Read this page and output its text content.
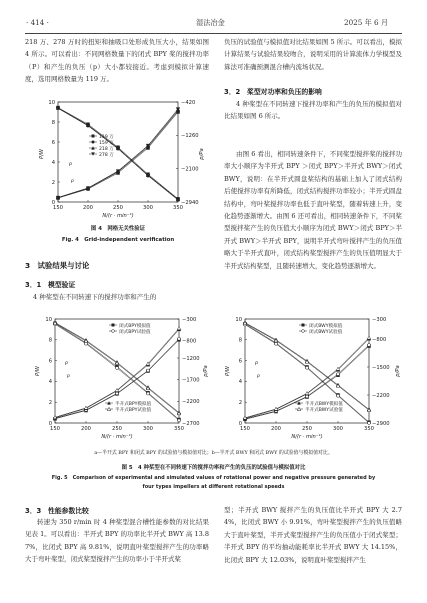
· 414 ·	湿法冶金	2025 年 6 月

218 万、278 万时的扭矩和抽吸口处形成负压大小，结果如图 4 所示。可以看出：不同网格数量下的闭式 BPY 桨的搅拌功率（P）和产生的负压（p）大小都较接近。考虑到模拟计算速度，选用网格数量为 119 万。

150	200	250	300	350
0
2
4
6
8
10
−2940
−2100
−1260
−420
119 万
159 万
218 万
278 万
P
p
P/W	p/Pa
N/(r · min⁻¹)
图 4　网格无关性验证
Fig. 4　Grid-independent verification
3　试验结果与讨论
3．1　模型验证

4 种桨型在不同转速下的搅拌功率和产生的

负压的试验值与模拟值对比结果如图 5 所示。可以看出，模拟计算结果与试验结果较吻合，说明采用的计算流体力学模型及算法可准确预测混合槽内流场状况。

3．2　桨型对功率和负压的影响

4 种桨型在不同转速下搅拌功率和产生的负压的模拟值对比结果如图 6 所示。

由图 6 看出，相同转速条件下，不同桨型搅拌桨的搅拌功率大小顺序为半开式 BPY ＞闭式 BPY＞半开式 BWY＞闭式 BWY，说明：在半开式圆盘桨结构的基础上加入了闭式结构后使搅拌功率有所降低，闭式结构搅拌功率较小；半开式圆盘结构中，弯叶桨搅拌功率也低于直叶桨型，随着转速上升，变化趋势逐渐增大。由图 6 还可看出，相同转速条件下，不同桨型搅拌桨产生的负压值大小顺序为闭式 BWY＞闭式 BPY＞半开式 BWY＞半开式 BPY，说明半开式弯叶搅拌产生的负压值略大于半开式直叶，闭式结构桨型搅拌产生的负压值明显大于半开式结构桨型，且随转速增大，变化趋势逐渐增大。

150	200	250	300	350
0
2
4
6
8
10
−2700
−2200
−1700
−1200
−800
−300
闭式BPY模拟值
闭式BPY试验值
半开式BPY模拟值
半开式BPY试验值
P
p
P/W	p/Pa
N/(r · min⁻¹)
150	200	250	300	350
0
2
4
6
8
10
−2900
−2200
−1500
−800
−300
闭式BWY模拟值
闭式BWY试验值
半开式BWY模拟值
半开式BWY试验值
P
p
P/W	p/Pa
N/(r · min⁻¹)
a—半开式 BPY 和闭式 BPY 的试验值与模拟值对比；b—半开式 BWY 和闭式 BWY 的试验值与模拟值对比。
图 5　4 种桨型在不同转速下的搅拌功率和产生的负压的试验值与模拟值对比
Fig. 5　Comparison of experimental and simulated values of rotational power and negative pressure generated by
four types impellers at different rotational speeds
3．3　性能参数比较

转速为 350 r/min 时 4 种桨型混合槽性能参数的对比结果见表 1。可以看出：半开式 BPY 的功率比半开式 BWY 高 13.87%，比闭式 BPY 高 9.81%，说明直叶桨型搅拌产生的功率略大于弯叶桨型，闭式桨型搅拌产生的功率小于半开式桨

型；半开式 BWY 搅拌产生的负压值比半开式 BPY 大 2.74%，比闭式 BWY 小 9.91%，弯叶桨型搅拌产生的负压值略大于直叶桨型，半开式桨型搅拌产生的负压值小于闭式桨型；半开式 BPY 的平均抽动能耗率比半开式 BWY 大 14.15%，比闭式 BPY 大 12.03%，说明直叶桨型搅拌产生
